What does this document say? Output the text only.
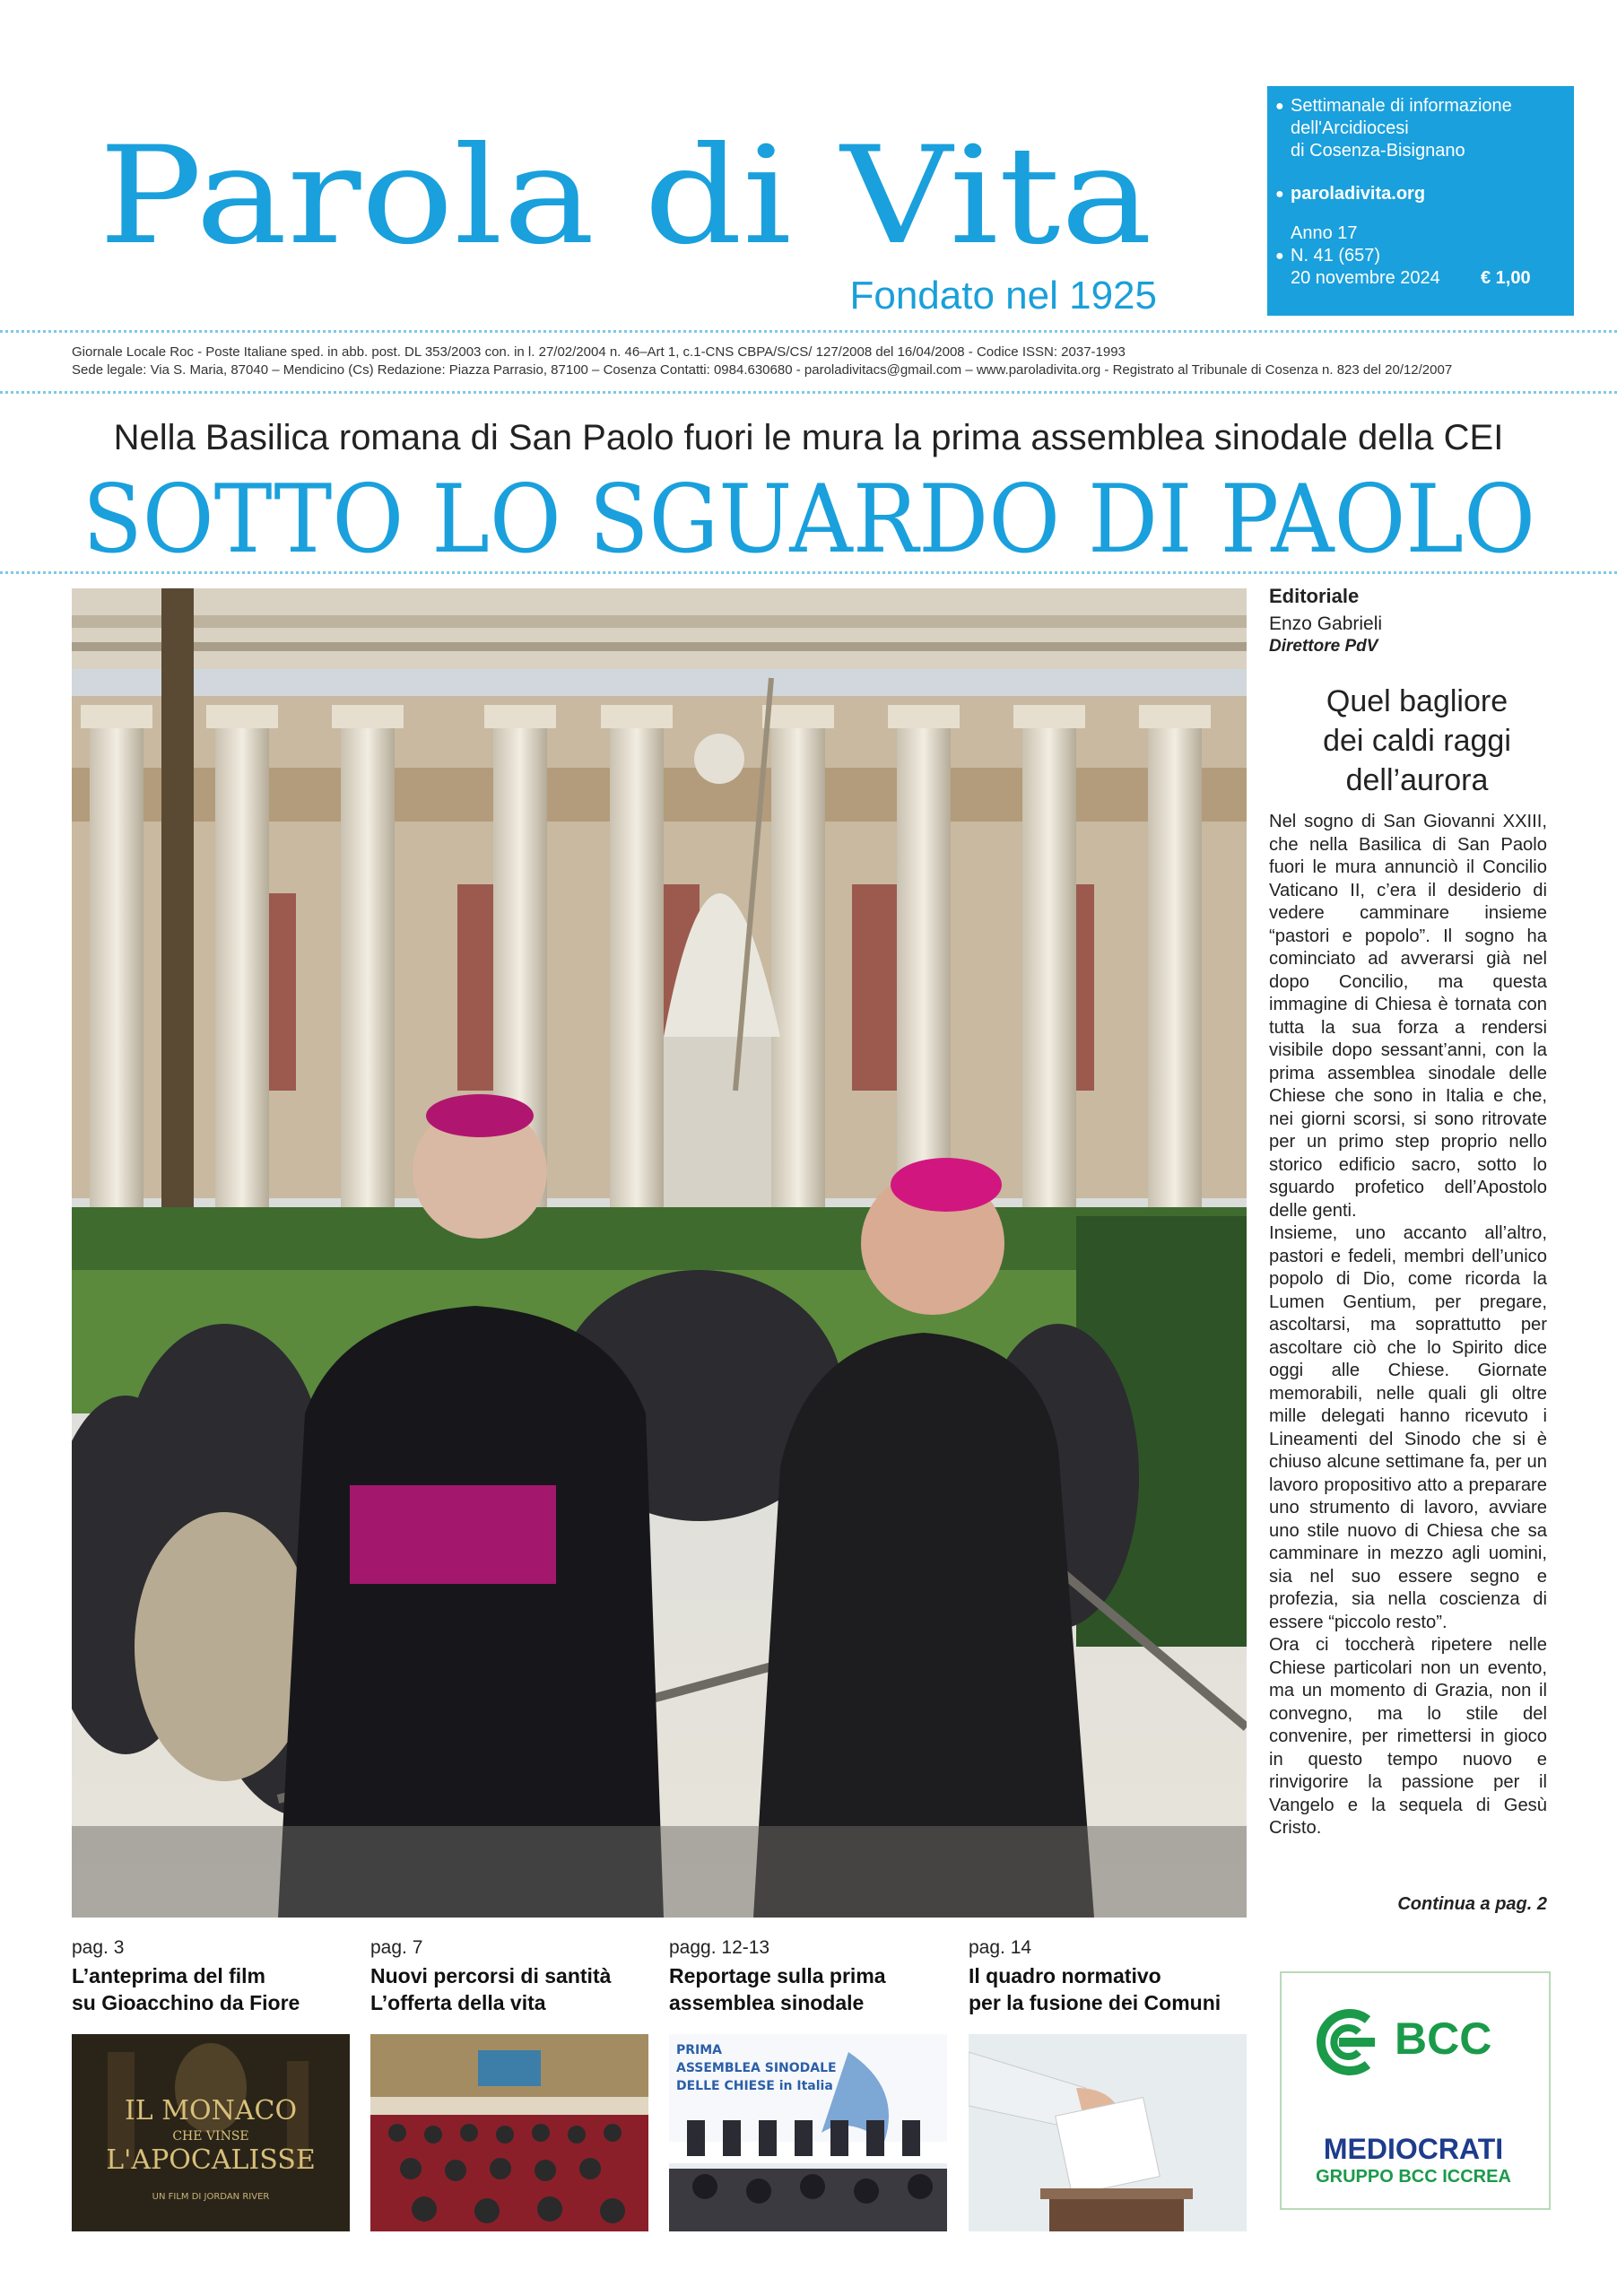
Parola di Vita
Fondato nel 1925
● Settimanale di informazione
dell'Arcidiocesi
di Cosenza-Bisignano
● paroladivita.org
Anno 17
● N. 41 (657)
20 novembre 2024 € 1,00
Giornale Locale Roc - Poste Italiane sped. in abb. post. DL 353/2003 con. in l. 27/02/2004 n. 46–Art 1, c.1-CNS CBPA/S/CS/ 127/2008 del 16/04/2008 - Codice ISSN: 2037-1993
Sede legale: Via S. Maria, 87040 – Mendicino (Cs) Redazione: Piazza Parrasio, 87100 – Cosenza Contatti: 0984.630680 - paroladivitacs@gmail.com – www.paroladivita.org - Registrato al Tribunale di Cosenza n. 823 del 20/12/2007
Nella Basilica romana di San Paolo fuori le mura la prima assemblea sinodale della CEI
SOTTO LO SGUARDO DI PAOLO
Editoriale
Enzo Gabrieli
Direttore PdV
Quel bagliore
dei caldi raggi
dell’aurora

Nel sogno di San Giovanni XXIII, che nella Basilica di San Paolo fuori le mura annunciò il Concilio Vaticano II, c’era il desiderio di vedere camminare insieme “pastori e popolo”. Il sogno ha cominciato ad avverarsi già nel dopo Concilio, ma questa immagine di Chiesa è tornata con tutta la sua forza a rendersi visibile dopo sessant’anni, con la prima assemblea sinodale delle Chiese che sono in Italia e che, nei giorni scorsi, si sono ritrovate per un primo step proprio nello storico edificio sacro, sotto lo sguardo profetico dell’Apostolo delle genti.

Insieme, uno accanto all’altro, pastori e fedeli, membri dell’unico popolo di Dio, come ricorda la Lumen Gentium, per pregare, ascoltarsi, ma soprattutto per ascoltare ciò che lo Spirito dice oggi alle Chiese. Giornate memorabili, nelle quali gli oltre mille delegati hanno ricevuto i Lineamenti del Sinodo che si è chiuso alcune settimane fa, per un lavoro propositivo atto a preparare uno strumento di lavoro, avviare uno stile nuovo di Chiesa che sa camminare in mezzo agli uomini, sia nel suo essere segno e profezia, sia nella coscienza di essere “piccolo resto”.

Ora ci toccherà ripetere nelle Chiese particolari non un evento, ma un momento di Grazia, non il convegno, ma lo stile del convenire, per rimettersi in gioco in questo tempo nuovo e rinvigorire la passione per il Vangelo e la sequela di Gesù Cristo.

Continua a pag. 2
pag. 3
L’anteprima del film
su Gioacchino da Fiore
IL MONACO
CHE VINSE
L'APOCALISSE
UN FILM DI JORDAN RIVER
pag. 7
Nuovi percorsi di santità
L’offerta della vita
pagg. 12-13
Reportage sulla prima
assemblea sinodale
PRIMA
ASSEMBLEA SINODALE
DELLE CHIESE in Italia
pag. 14
Il quadro normativo
per la fusione dei Comuni
BCC
MEDIOCRATI
GRUPPO BCC ICCREA
